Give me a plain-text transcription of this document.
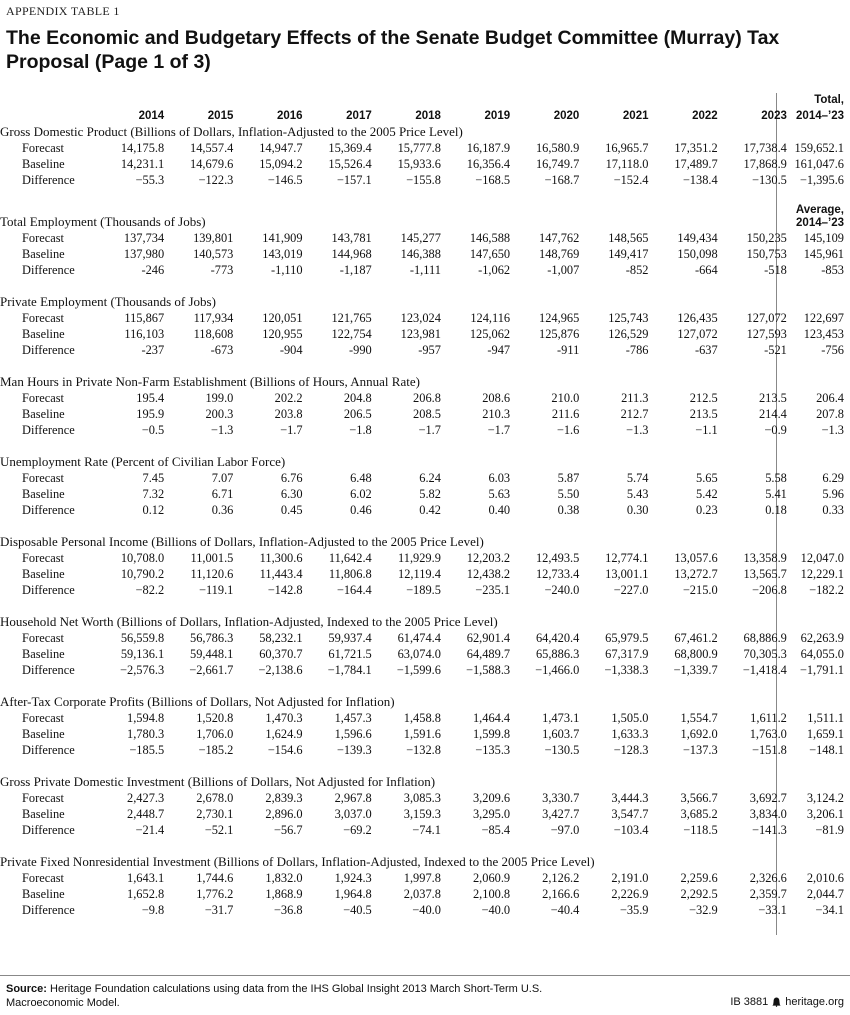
APPENDIX TABLE 1
The Economic and Budgetary Effects of the Senate Budget Committee (Murray) Tax Proposal (Page 1 of 3)
	2014	2015	2016	2017	2018	2019	2020	2021	2022	2023	Total,
2014–’23

Gross Domestic Product (Billions of Dollars, Inflation-Adjusted to the 2005 Price Level)											

Forecast	14,175.8	14,557.4	14,947.7	15,369.4	15,777.8	16,187.9	16,580.9	16,965.7	17,351.2	17,738.4	159,652.1
Baseline	14,231.1	14,679.6	15,094.2	15,526.4	15,933.6	16,356.4	16,749.7	17,118.0	17,489.7	17,868.9	161,047.6
Difference	−55.3	−122.3	−146.5	−157.1	−155.8	−168.5	−168.7	−152.4	−138.4	−130.5	−1,395.6

Total Employment (Thousands of Jobs)											Average,
2014–’23

Forecast	137,734	139,801	141,909	143,781	145,277	146,588	147,762	148,565	149,434	150,235	145,109
Baseline	137,980	140,573	143,019	144,968	146,388	147,650	148,769	149,417	150,098	150,753	145,961
Difference	-246	-773	-1,110	-1,187	-1,111	-1,062	-1,007	-852	-664	-518	-853

Private Employment (Thousands of Jobs)											

Forecast	115,867	117,934	120,051	121,765	123,024	124,116	124,965	125,743	126,435	127,072	122,697
Baseline	116,103	118,608	120,955	122,754	123,981	125,062	125,876	126,529	127,072	127,593	123,453
Difference	-237	-673	-904	-990	-957	-947	-911	-786	-637	-521	-756

Man Hours in Private Non-Farm Establishment (Billions of Hours, Annual Rate)											

Forecast	195.4	199.0	202.2	204.8	206.8	208.6	210.0	211.3	212.5	213.5	206.4
Baseline	195.9	200.3	203.8	206.5	208.5	210.3	211.6	212.7	213.5	214.4	207.8
Difference	−0.5	−1.3	−1.7	−1.8	−1.7	−1.7	−1.6	−1.3	−1.1	−0.9	−1.3

Unemployment Rate (Percent of Civilian Labor Force)											

Forecast	7.45	7.07	6.76	6.48	6.24	6.03	5.87	5.74	5.65	5.58	6.29
Baseline	7.32	6.71	6.30	6.02	5.82	5.63	5.50	5.43	5.42	5.41	5.96
Difference	0.12	0.36	0.45	0.46	0.42	0.40	0.38	0.30	0.23	0.18	0.33

Disposable Personal Income (Billions of Dollars, Inflation-Adjusted to the 2005 Price Level)											

Forecast	10,708.0	11,001.5	11,300.6	11,642.4	11,929.9	12,203.2	12,493.5	12,774.1	13,057.6	13,358.9	12,047.0
Baseline	10,790.2	11,120.6	11,443.4	11,806.8	12,119.4	12,438.2	12,733.4	13,001.1	13,272.7	13,565.7	12,229.1
Difference	−82.2	−119.1	−142.8	−164.4	−189.5	−235.1	−240.0	−227.0	−215.0	−206.8	−182.2

Household Net Worth (Billions of Dollars, Inflation-Adjusted, Indexed to the 2005 Price Level)											

Forecast	56,559.8	56,786.3	58,232.1	59,937.4	61,474.4	62,901.4	64,420.4	65,979.5	67,461.2	68,886.9	62,263.9
Baseline	59,136.1	59,448.1	60,370.7	61,721.5	63,074.0	64,489.7	65,886.3	67,317.9	68,800.9	70,305.3	64,055.0
Difference	−2,576.3	−2,661.7	−2,138.6	−1,784.1	−1,599.6	−1,588.3	−1,466.0	−1,338.3	−1,339.7	−1,418.4	−1,791.1

After-Tax Corporate Profits (Billions of Dollars, Not Adjusted for Inflation)											

Forecast	1,594.8	1,520.8	1,470.3	1,457.3	1,458.8	1,464.4	1,473.1	1,505.0	1,554.7	1,611.2	1,511.1
Baseline	1,780.3	1,706.0	1,624.9	1,596.6	1,591.6	1,599.8	1,603.7	1,633.3	1,692.0	1,763.0	1,659.1
Difference	−185.5	−185.2	−154.6	−139.3	−132.8	−135.3	−130.5	−128.3	−137.3	−151.8	−148.1

Gross Private Domestic Investment (Billions of Dollars, Not Adjusted for Inflation)											

Forecast	2,427.3	2,678.0	2,839.3	2,967.8	3,085.3	3,209.6	3,330.7	3,444.3	3,566.7	3,692.7	3,124.2
Baseline	2,448.7	2,730.1	2,896.0	3,037.0	3,159.3	3,295.0	3,427.7	3,547.7	3,685.2	3,834.0	3,206.1
Difference	−21.4	−52.1	−56.7	−69.2	−74.1	−85.4	−97.0	−103.4	−118.5	−141.3	−81.9

Private Fixed Nonresidential Investment (Billions of Dollars, Inflation-Adjusted, Indexed to the 2005 Price Level)											

Forecast	1,643.1	1,744.6	1,832.0	1,924.3	1,997.8	2,060.9	2,126.2	2,191.0	2,259.6	2,326.6	2,010.6
Baseline	1,652.8	1,776.2	1,868.9	1,964.8	2,037.8	2,100.8	2,166.6	2,226.9	2,292.5	2,359.7	2,044.7
Difference	−9.8	−31.7	−36.8	−40.5	−40.0	−40.0	−40.4	−35.9	−32.9	−33.1	−34.1
Source: Heritage Foundation calculations using data from the IHS Global Insight 2013 March Short-Term U.S. Macroeconomic Model.	IB 3881 heritage.org
